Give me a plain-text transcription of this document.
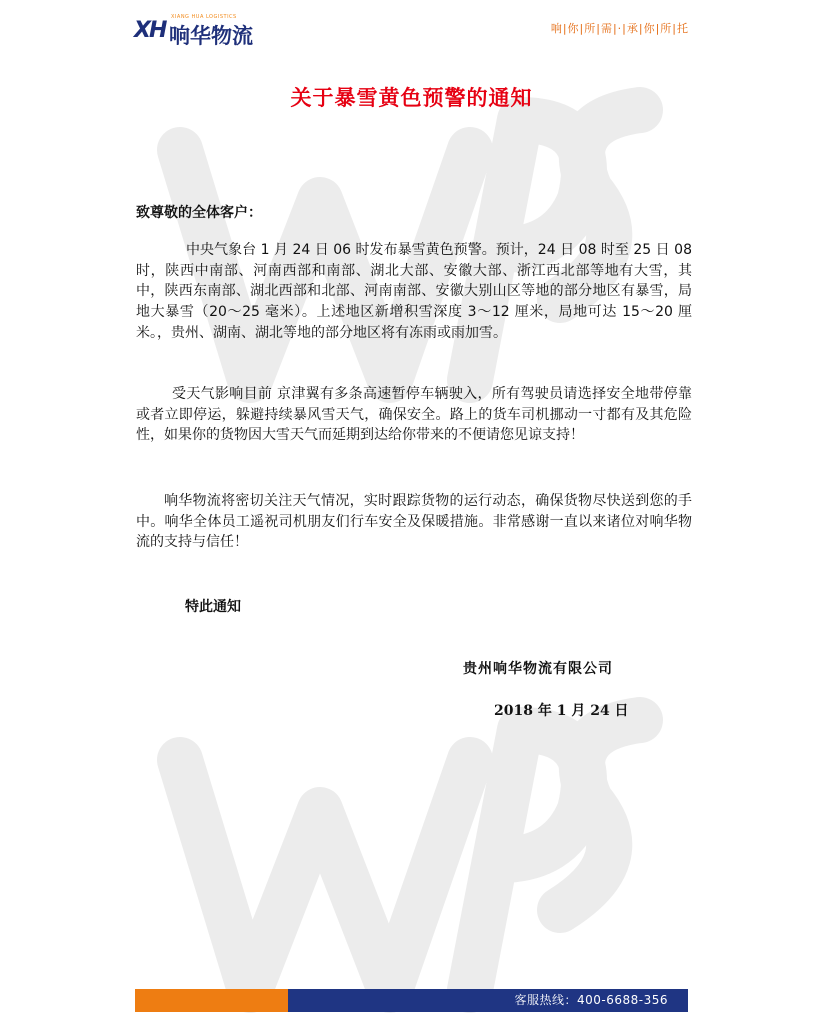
XH
XIANG HUA LOGISTICS
响华物流	响|你|所|需|·|承|你|所|托
关于暴雪黄色预警的通知
致尊敬的全体客户：
中央气象台 1 月 24 日 06 时发布暴雪黄色预警。预计，24 日 08 时至 25 日 08 时，陕西中南部、河南西部和南部、湖北大部、安徽大部、浙江西北部等地有大雪，其中，陕西东南部、湖北西部和北部、河南南部、安徽大别山区等地的部分地区有暴雪，局地大暴雪（20～25 毫米）。上述地区新增积雪深度 3～12 厘米，局地可达 15～20 厘米。，贵州、湖南、湖北等地的部分地区将有冻雨或雨加雪。
受天气影响目前 京津翼有多条高速暂停车辆驶入，所有驾驶员请选择安全地带停靠或者立即停运，躲避持续暴风雪天气，确保安全。路上的货车司机挪动一寸都有及其危险性，如果你的货物因大雪天气而延期到达给你带来的不便请您见谅支持！
响华物流将密切关注天气情况，实时跟踪货物的运行动态，确保货物尽快送到您的手中。响华全体员工遥祝司机朋友们行车安全及保暖措施。非常感谢一直以来诸位对响华物流的支持与信任！
特此通知
贵州响华物流有限公司
2018 年 1 月 24 日
客服热线：400-6688-356
